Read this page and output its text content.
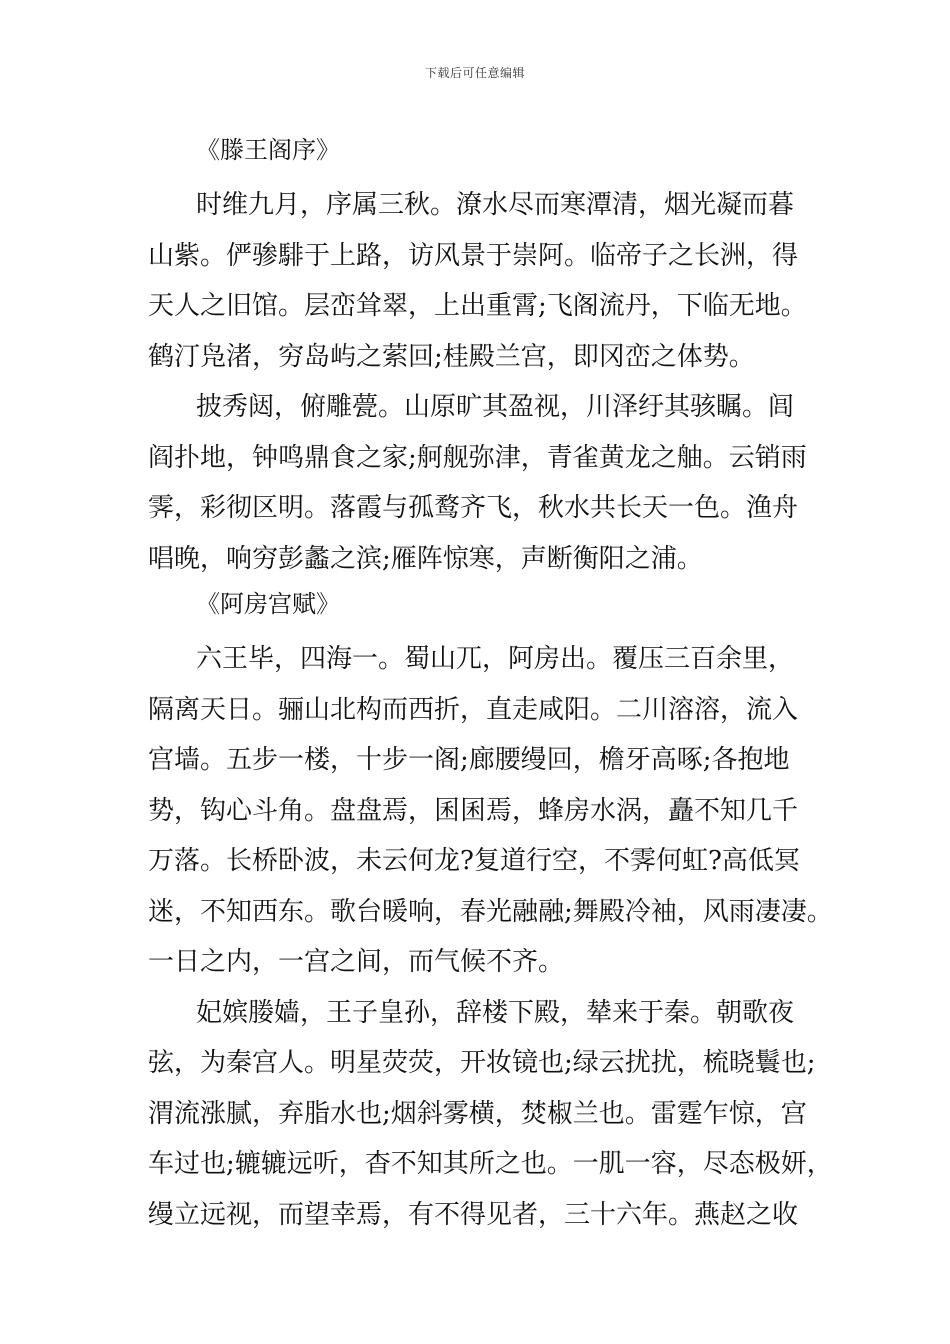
下载后可任意编辑
《滕王阁序》
时维九月，序属三秋。潦水尽而寒潭清，烟光凝而暮
山紫。俨骖騑于上路，访风景于崇阿。临帝子之长洲，得
天人之旧馆。层峦耸翠，上出重霄;飞阁流丹，下临无地。
鹤汀凫渚，穷岛屿之萦回;桂殿兰宫，即冈峦之体势。
披秀闼，俯雕甍。山原旷其盈视，川泽纡其骇瞩。闾
阎扑地，钟鸣鼎食之家;舸舰弥津，青雀黄龙之舳。云销雨
霁，彩彻区明。落霞与孤鹜齐飞，秋水共长天一色。渔舟
唱晚，响穷彭蠡之滨;雁阵惊寒，声断衡阳之浦。
《阿房宫赋》
六王毕，四海一。蜀山兀，阿房出。覆压三百余里，
隔离天日。骊山北构而西折，直走咸阳。二川溶溶，流入
宫墙。五步一楼，十步一阁;廊腰缦回，檐牙高啄;各抱地
势，钩心斗角。盘盘焉，囷囷焉，蜂房水涡，矗不知几千
万落。长桥卧波，未云何龙?复道行空，不霁何虹?高低冥
迷，不知西东。歌台暖响，春光融融;舞殿冷袖，风雨凄凄。
一日之内，一宫之间，而气候不齐。
妃嫔媵嫱，王子皇孙，辞楼下殿，辇来于秦。朝歌夜
弦，为秦宫人。明星荧荧，开妆镜也;绿云扰扰，梳晓鬟也;
渭流涨腻，弃脂水也;烟斜雾横，焚椒兰也。雷霆乍惊，宫
车过也;辘辘远听，杳不知其所之也。一肌一容，尽态极妍，
缦立远视，而望幸焉，有不得见者，三十六年。燕赵之收
